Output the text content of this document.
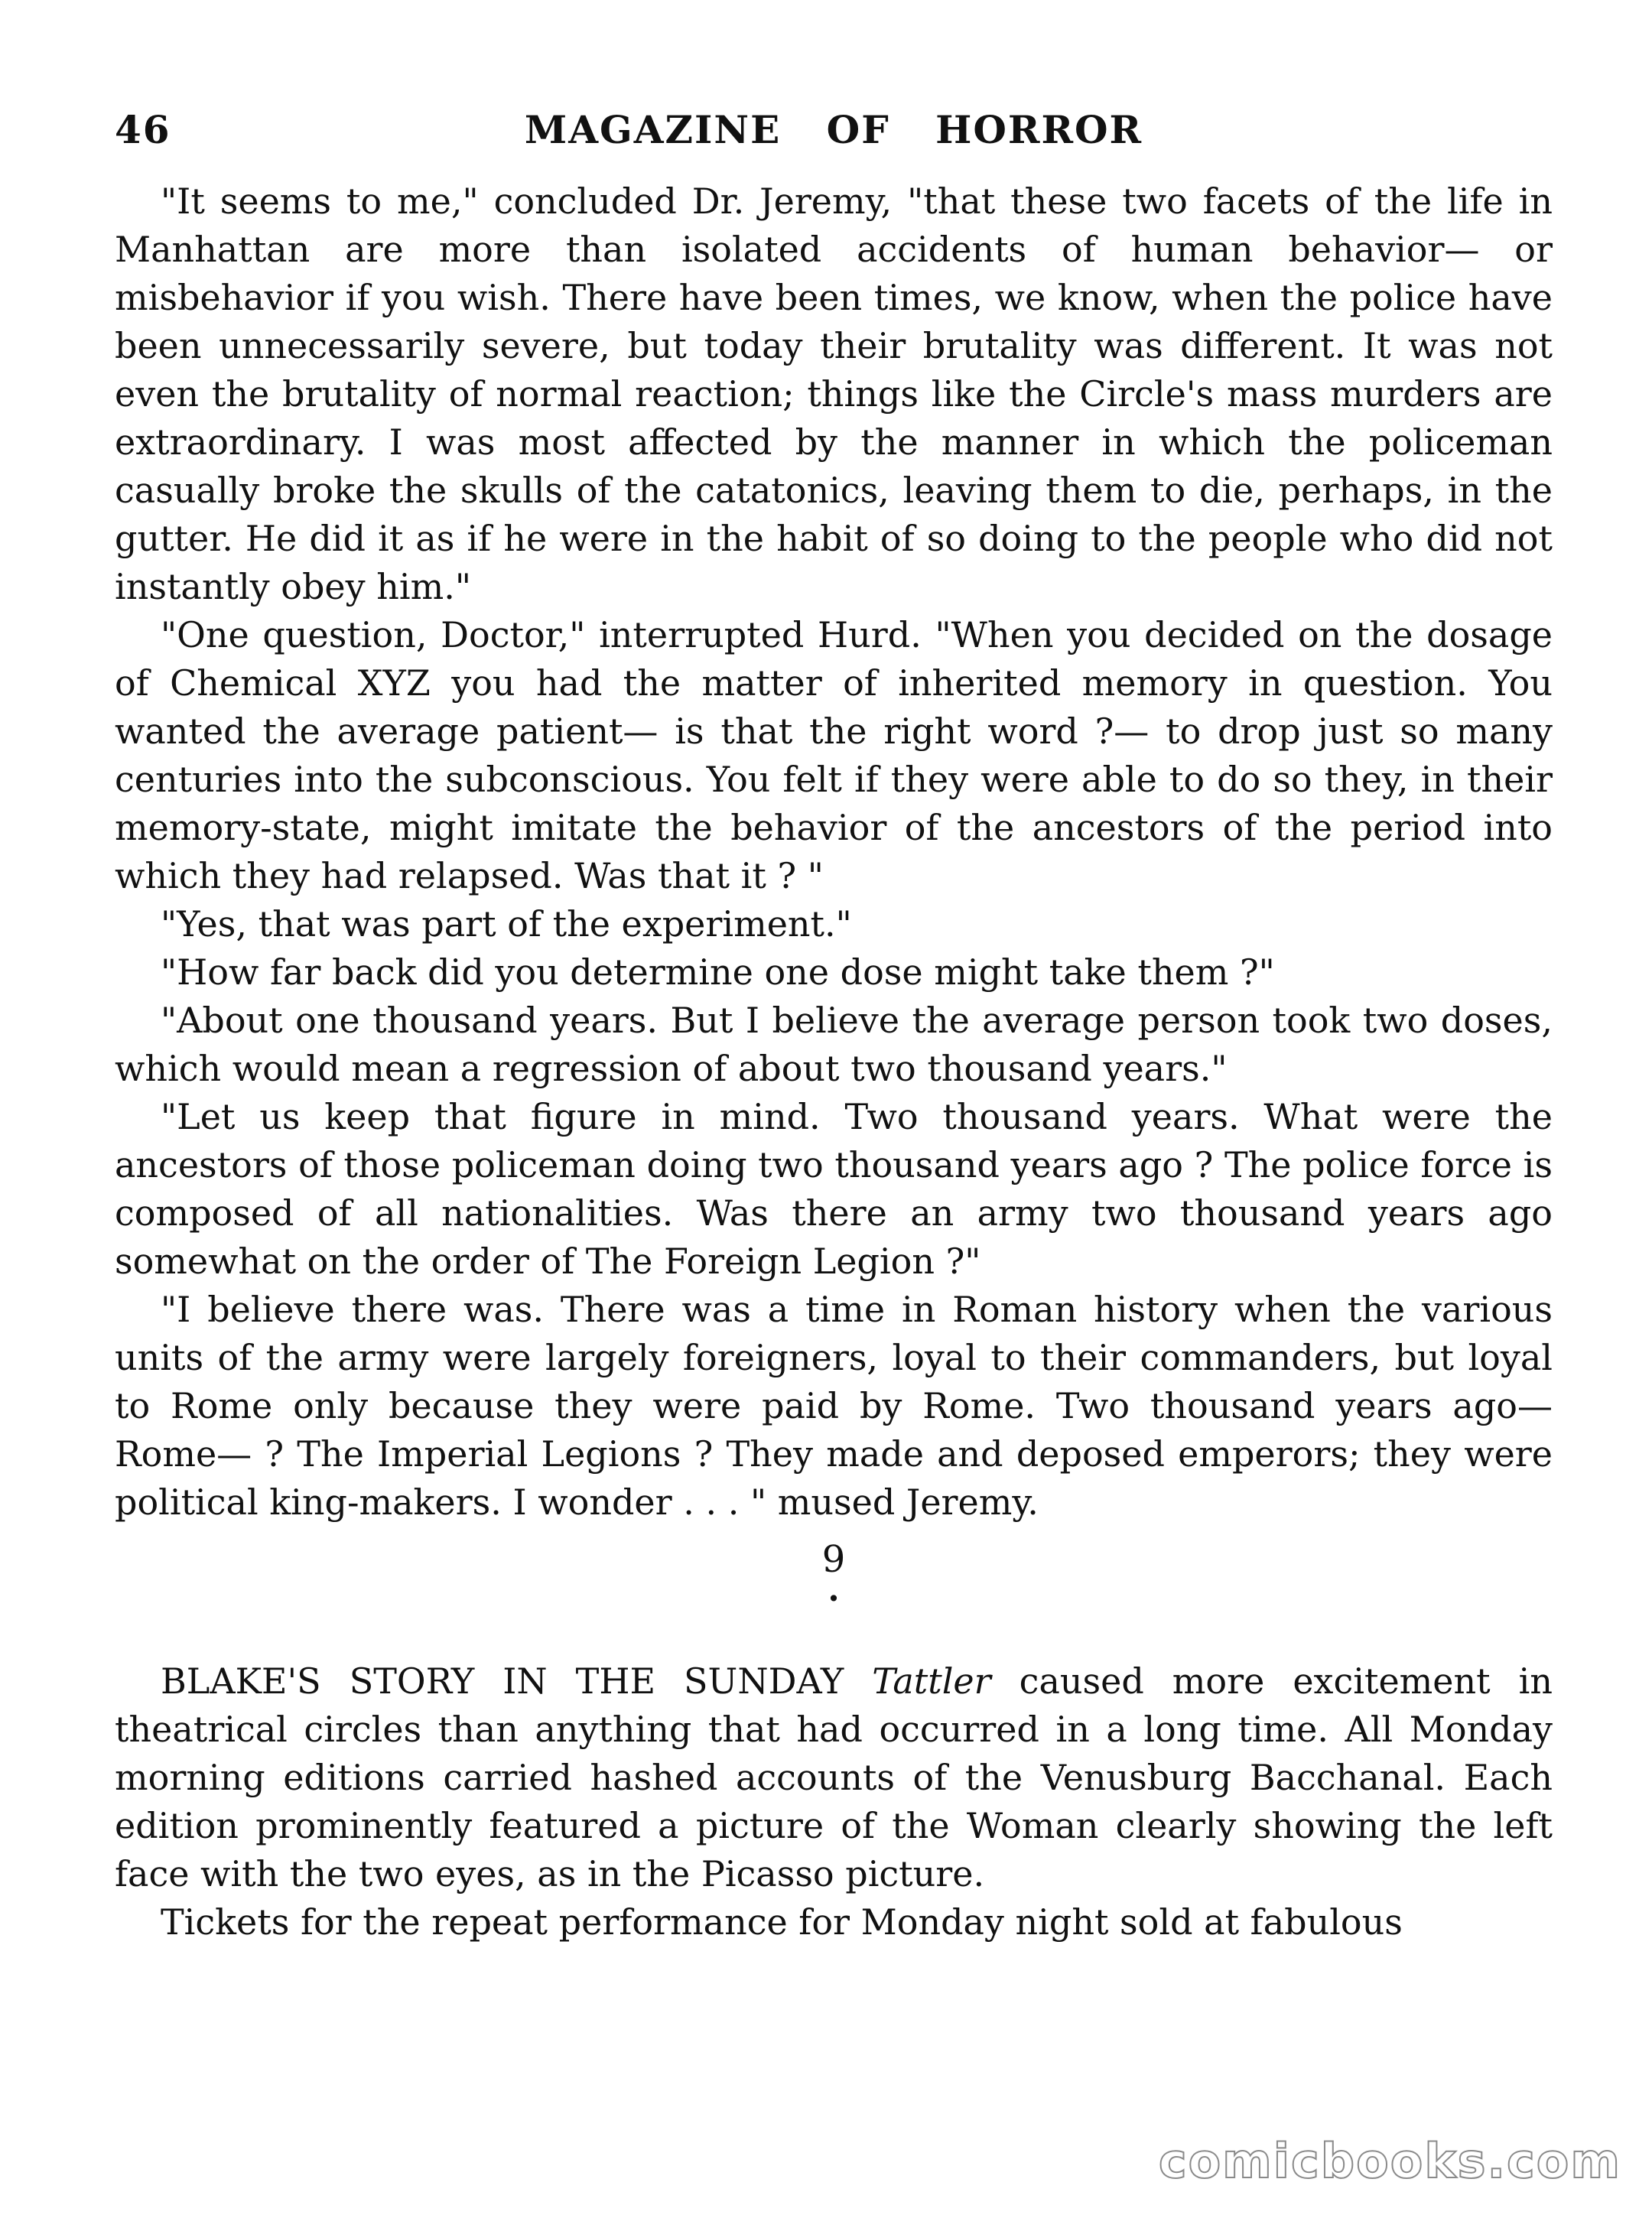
46	MAGAZINE OF HORROR

"It seems to me," concluded Dr. Jeremy, "that these two facets of the life in Manhattan are more than isolated accidents of human behavior— or misbehavior if you wish. There have been times, we know, when the police have been unnecessarily severe, but today their brutality was different. It was not even the brutality of normal reaction; things like the Circle's mass murders are extraordinary. I was most affected by the manner in which the policeman casually broke the skulls of the catatonics, leaving them to die, perhaps, in the gutter. He did it as if he were in the habit of so doing to the people who did not instantly obey him."

"One question, Doctor," interrupted Hurd. "When you decided on the dosage of Chemical XYZ you had the matter of inherited memory in question. You wanted the average patient— is that the right word ?— to drop just so many centuries into the subconscious. You felt if they were able to do so they, in their memory-state, might imitate the behavior of the ancestors of the period into which they had relapsed. Was that it ? "

"Yes, that was part of the experiment."

"How far back did you determine one dose might take them ?"

"About one thousand years. But I believe the average person took two doses, which would mean a regression of about two thousand years."

"Let us keep that figure in mind. Two thousand years. What were the ancestors of those policeman doing two thousand years ago ? The police force is composed of all nationalities. Was there an army two thousand years ago somewhat on the order of The Foreign Legion ?"

"I believe there was. There was a time in Roman history when the various units of the army were largely foreigners, loyal to their commanders, but loyal to Rome only because they were paid by Rome. Two thousand years ago— Rome— ? The Imperial Legions ? They made and deposed emperors; they were political king-makers. I wonder . . . " mused Jeremy.

9
•

BLAKE'S STORY IN THE SUNDAY Tattler caused more excitement in theatrical circles than anything that had occurred in a long time. All Monday morning editions carried hashed accounts of the Venusburg Bacchanal. Each edition prominently featured a picture of the Woman clearly showing the left face with the two eyes, as in the Picasso picture.

Tickets for the repeat performance for Monday night sold at fabulous

comicbooks.com
